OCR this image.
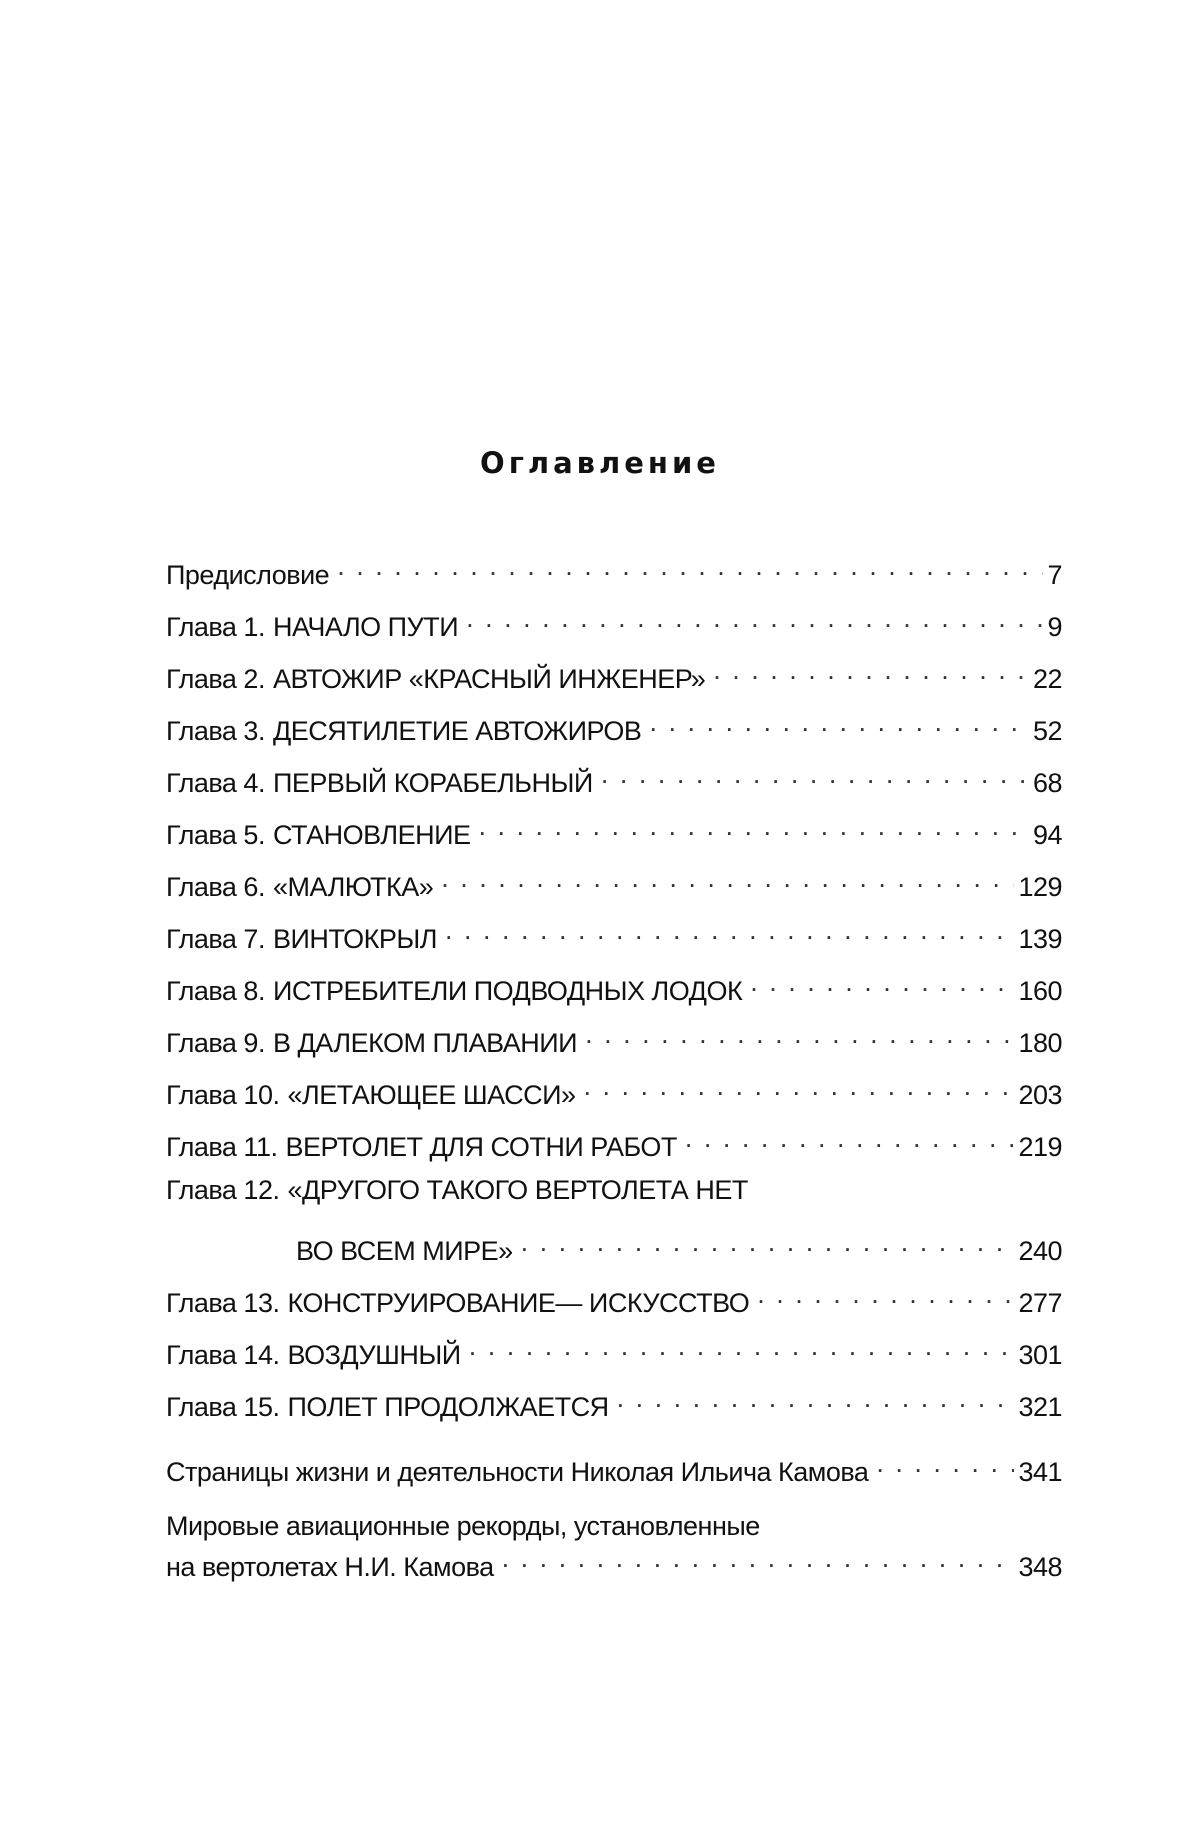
Оглавление
Предисловие . . .	7
Глава 1. НАЧАЛО ПУТИ . . .	9
Глава 2. АВТОЖИР «КРАСНЫЙ ИНЖЕНЕР» . . .	22
Глава 3. ДЕСЯТИЛЕТИЕ АВТОЖИРОВ . . .	52
Глава 4. ПЕРВЫЙ КОРАБЕЛЬНЫЙ . . .	68
Глава 5. СТАНОВЛЕНИЕ . . .	94
Глава 6. «МАЛЮТКА» . . .	129
Глава 7. ВИНТОКРЫЛ . . .	139
Глава 8. ИСТРЕБИТЕЛИ ПОДВОДНЫХ ЛОДОК . . .	160
Глава 9. В ДАЛЕКОМ ПЛАВАНИИ . . .	180
Глава 10. «ЛЕТАЮЩЕЕ ШАССИ» . . .	203
Глава 11. ВЕРТОЛЕТ ДЛЯ СОТНИ РАБОТ . . .	219
Глава 12. «ДРУГОГО ТАКОГО ВЕРТОЛЕТА НЕТ
ВО ВСЕМ МИРЕ» . . .	240
Глава 13. КОНСТРУИРОВАНИЕ— ИСКУССТВО . . .	277
Глава 14. ВОЗДУШНЫЙ . . .	301
Глава 15. ПОЛЕТ ПРОДОЛЖАЕТСЯ . . .	321
Страницы жизни и деятельности Николая Ильича Камова . . .	341
Мировые авиационные рекорды, установленные
на вертолетах Н.И. Камова . . .	348
